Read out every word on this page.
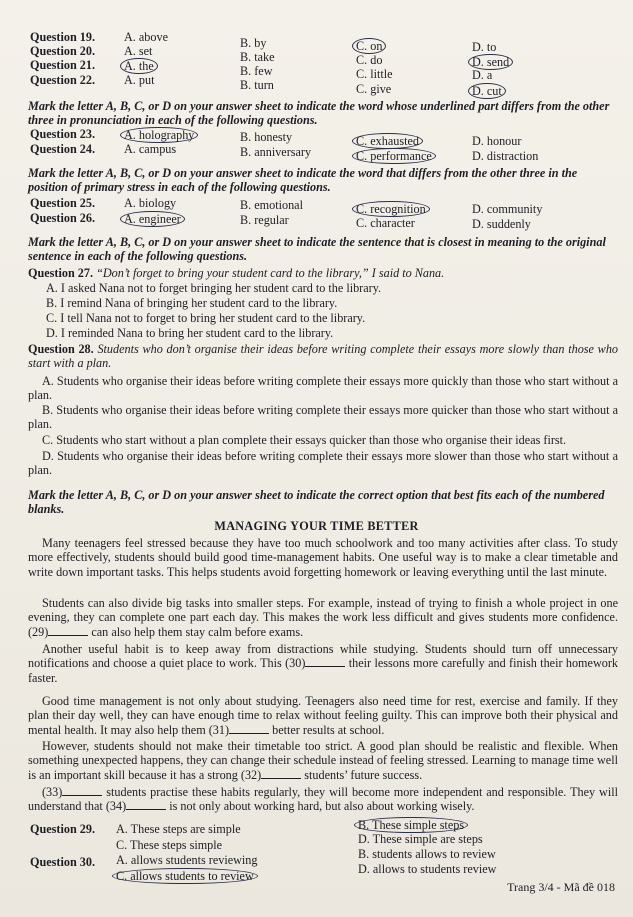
Question 19. A. above	B. by	C. on	D. to
Question 20. A. set	B. take	C. do	D. send
Question 21.	A. the	B. few	C. little	D. a
Question 22. A. put	B. turn	C. give	D. cut
Mark the letter A, B, C, or D on your answer sheet to indicate the word whose underlined part differs from the other three in pronunciation in each of the following questions.
Question 23.	A. holography	B. honesty	C. exhausted	D. honour
Question 24. A. campus	B. anniversary	C. performance	D. distraction
Mark the letter A, B, C, or D on your answer sheet to indicate the word that differs from the other three in the position of primary stress in each of the following questions.
Question 25. A. biology	B. emotional	C. recognition	D. community
Question 26.	A. engineer	B. regular	C. character	D. suddenly
Mark the letter A, B, C, or D on your answer sheet to indicate the sentence that is closest in meaning to the original sentence in each of the following questions.
Question 27. “Don’t forget to bring your student card to the library,” I said to Nana.
A. I asked Nana not to forget bringing her student card to the library.
B. I remind Nana of bringing her student card to the library.
C. I tell Nana not to forget to bring her student card to the library.
D. I reminded Nana to bring her student card to the library.
Question 28. Students who don’t organise their ideas before writing complete their essays more slowly than those who start with a plan.
A. Students who organise their ideas before writing complete their essays more quickly than those who start without a plan.
B. Students who organise their ideas before writing complete their essays more quicker than those who start without a plan.
C. Students who start without a plan complete their essays quicker than those who organise their ideas first.
D. Students who organise their ideas before writing complete their essays more slower than those who start without a plan.
Mark the letter A, B, C, or D on your answer sheet to indicate the correct option that best fits each of the numbered blanks.
MANAGING YOUR TIME BETTER
Many teenagers feel stressed because they have too much schoolwork and too many activities after class. To study more effectively, students should build good time-management habits. One useful way is to make a clear timetable and write down important tasks. This helps students avoid forgetting homework or leaving everything until the last minute.
Students can also divide big tasks into smaller steps. For example, instead of trying to finish a whole project in one evening, they can complete one part each day. This makes the work less difficult and gives students more confidence. (29)	can also help them stay calm before exams.
Another useful habit is to keep away from distractions while studying. Students should turn off unnecessary notifications and choose a quiet place to work. This (30)	their lessons more carefully and finish their homework faster.
Good time management is not only about studying. Teenagers also need time for rest, exercise and family. If they plan their day well, they can have enough time to relax without feeling guilty. This can improve both their physical and mental health. It may also help them (31)	better results at school.
However, students should not make their timetable too strict. A good plan should be realistic and flexible. When something unexpected happens, they can change their schedule instead of feeling stressed. Learning to manage time well is an important skill because it has a strong (32)	students’ future success.
(33)	students practise these habits regularly, they will become more independent and responsible. They will understand that (34)	is not only about working hard, but also about working wisely.
Question 29. A. These steps are simple	B. These simple steps
C. These steps simple	D. These simple are steps
Question 30. A. allows students reviewing	B. students allows to review
C. allows students to review	D. allows to students review
Trang 3/4 - Mã đề 018
